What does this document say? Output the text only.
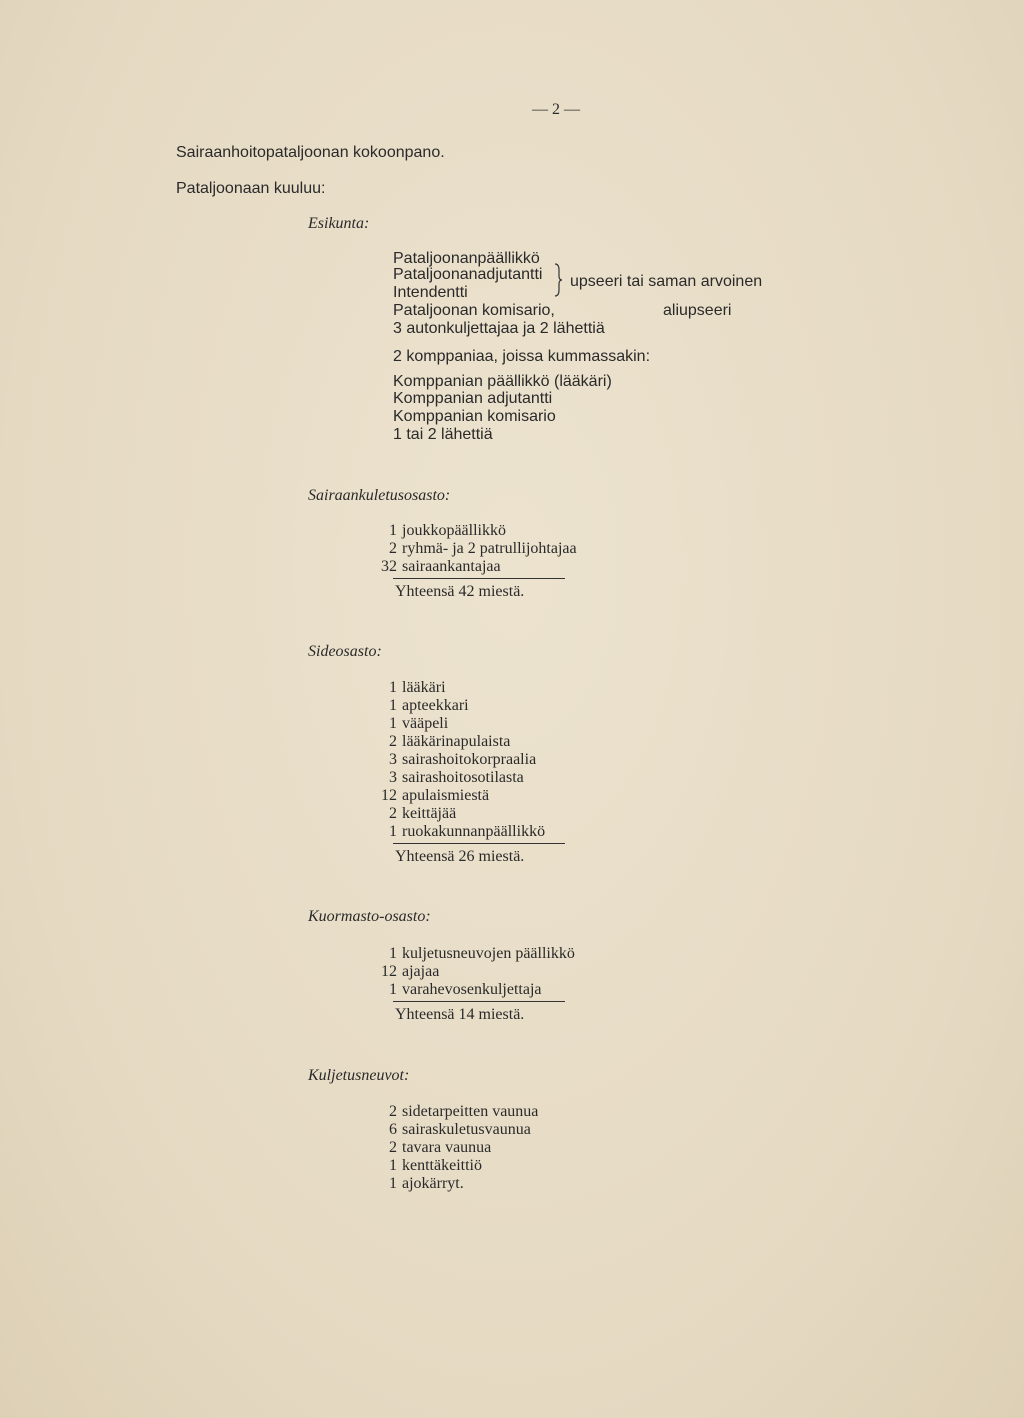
— 2 —
Sairaanhoitopataljoonan kokoonpano.
Pataljoonaan kuuluu:
Esikunta:
Pataljoonanpäällikkö
Pataljoonanadjutantti
Intendentti
upseeri tai saman arvoinen
Pataljoonan komisario,	aliupseeri
3 autonkuljettajaa ja 2 lähettiä
2 komppaniaa, joissa kummassakin:
Komppanian päällikkö (lääkäri)
Komppanian adjutantti
Komppanian komisario
1 tai 2 lähettiä
Sairaankuletusosasto:
1 joukkopäällikkö
2 ryhmä- ja 2 patrullijohtajaa
32 sairaankantajaa
Yhteensä 42 miestä.
Sideosasto:
1 lääkäri
1 apteekkari
1 vääpeli
2 lääkärinapulaista
3 sairashoitokorpraalia
3 sairashoitosotilasta
12 apulaismiestä
2 keittäjää
1 ruokakunnanpäällikkö
Yhteensä 26 miestä.
Kuormasto-osasto:
1 kuljetusneuvojen päällikkö
12 ajajaa
1 varahevosenkuljettaja
Yhteensä 14 miestä.
Kuljetusneuvot:
2 sidetarpeitten vaunua
6 sairaskuletusvaunua
2 tavara vaunua
1 kenttäkeittiö
1 ajokärryt.
